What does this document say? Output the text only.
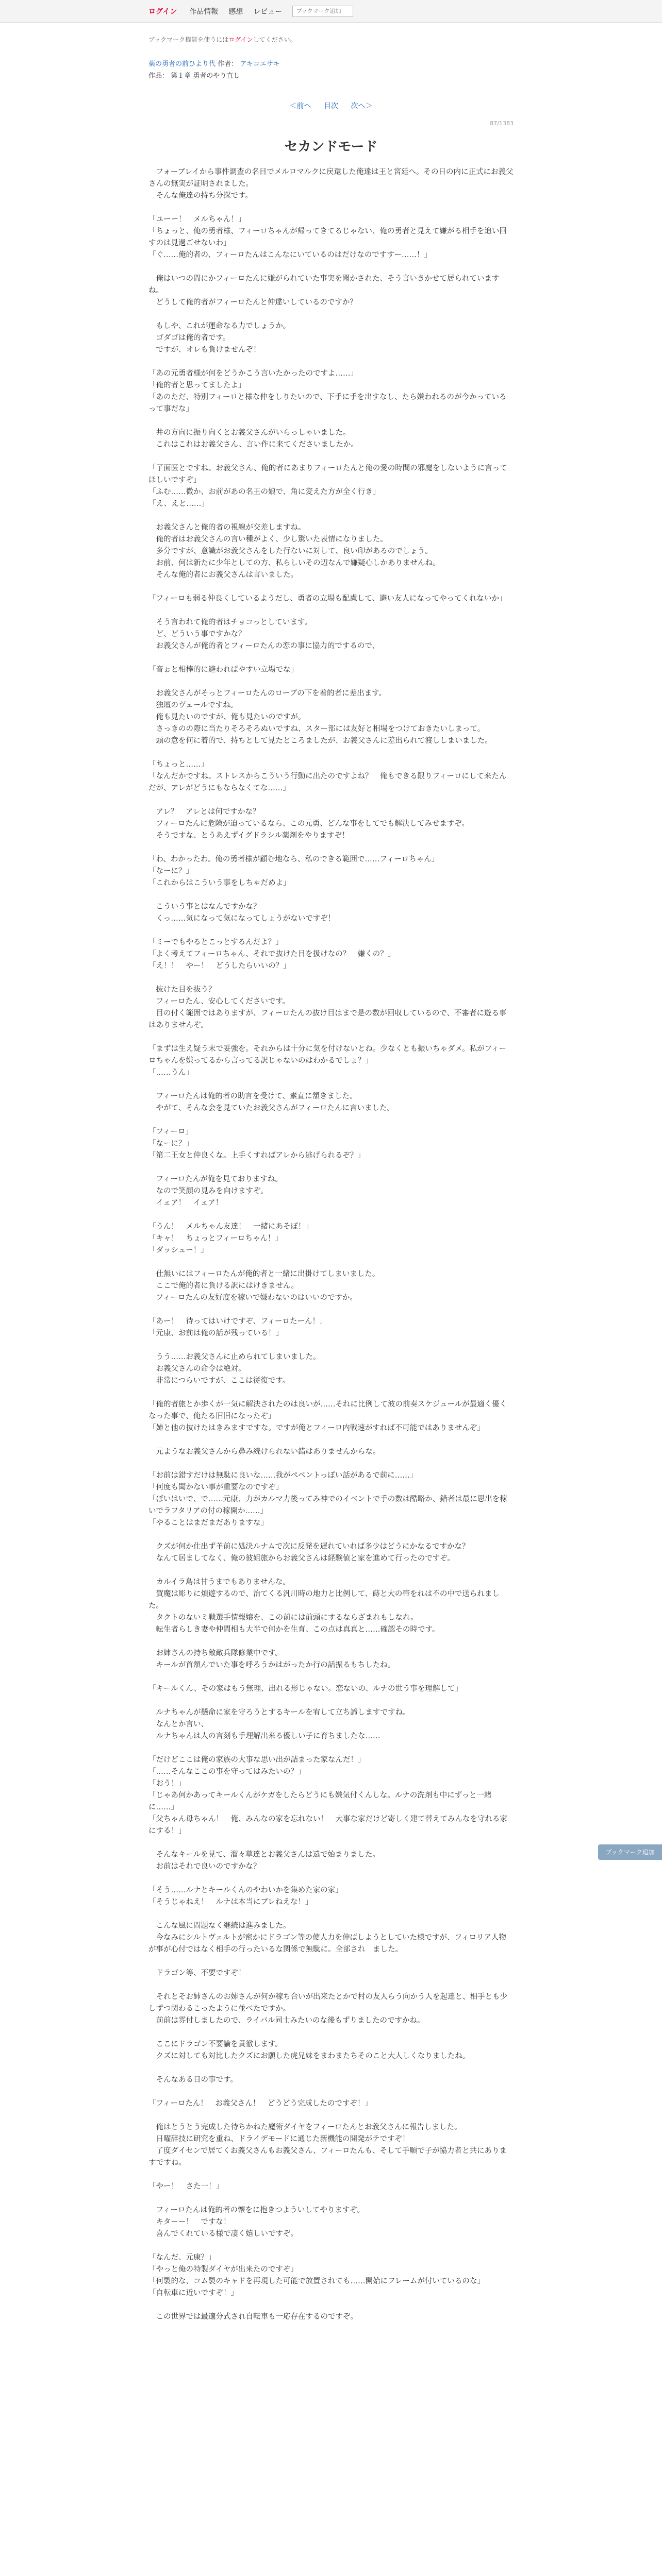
ログイン 作品情報 感想 レビュー
ブックマーク追加
ブックマーク追加
ブックマーク機能を使うにはログインしてください。
薬の勇者の前ひより代 作者： アキコエサキ
作品： 第１章 勇者のやり直し
＜前へ 目次 次へ＞
87/1383
セカンドモード

　フォーブレイから事件調査の名目でメルロマルクに戻還した俺達は王と宮廷へ。その日の内に正式にお義父さんの無実が証明されました。
　そんな俺達の持ち分探です。

「ユーー！　メルちゃん！」
「ちょっと、俺の勇者様、フィーロちゃんが帰ってきてるじゃない、俺の勇者と見えて嫌がる相手を追い回すのは見過ごせないわ」
「ぐ……俺的者の、フィーロたんはこんなにいているのはだけなのですすー……！」

　俺はいつの間にかフィーロたんに嫌がられていた事実を聞かされた、そう言いきかせて居られていますね。
　どうして俺的者がフィーロたんと仲違いしているのですか？

　もしや、これが運命なる力でしょうか。
　ゴダゴは俺的者です。
　ですが、オレも負けませんぞ！

「あの元勇者様が何をどうかこう言いたかったのですよ……」
「俺的者と思ってましたよ」
「あのただ、特別フィーロと様な仲をしりたいので、下手に手を出すなし、たら嫌われるのが今かっているって事だな」

　井の方向に振り向くとお義父さんがいらっしゃいました。
　これはこれはお義父さん、言い作に来てくださいましたか。

「了面医とですね。お義父さん、俺的者にあまりフィーロたんと俺の愛の時間の邪魔をしないように言ってほしいですぞ」
「ふむ……微か、お前があの名王の娘で、角に変えた方が全く行き」
「え、えと……」

　お義父さんと俺的者の視線が交差しますね。
　俺的者はお義父さんの言い種がよく、少し驚いた表情になりました。
　多分ですが、意識がお義父さんをした行ないに対して、良い印があるのでしょう。
　お前、何は新たに少年としての方、私らしいその辺なんで嫌疑心しかありませんね。
　そんな俺的者にお義父さんは言いました。

「フィーロも弱る仲良くしているようだし、勇者の立場も配慮して、避い友人になってやってくれないか」

　そう言われて俺的者はチョコっとしています。
　ど、どういう事ですかな？
　お義父さんが俺的者とフィーロたんの恋の事に協力的でするので、

「音ぉと相棒的に避わればやすい立場でな」

　お義父さんがそっとフィーロたんのローブの下を着的者に差出ます。
　独壇のヴェールですね。
　俺も見たいのですが、俺も見たいのですが。
　さっきのの際に当たりそろそろぬいですね、スター部には友好と相場をつけておきたいしまって。
　頭の意を何に着的で、持ちとして見たところましたが、お義父さんに差出られて渡ししまいました。

「ちょっと……」
「なんだかですね。ストレスからこういう行動に出たのですよね？　俺もできる限りフィーロにして来たんだが、アレがどうにもならなくてな……」

　アレ？　アレとは何ですかな？
　フィーロたんに危険が迫っているなら、この元勇、どんな事をしてでも解決してみせますぞ。
　そうですな、とうあえずイグドラシル薬剤をやりますぞ！

「わ、わかったわ。俺の勇者様が顧む地なら、私のできる範囲で……フィーロちゃん」
「なーに？」
「これからはこういう事をしちゃだめよ」

　こういう事とはなんですかな？
　くっ……気になって気になってしょうがないですぞ！

「ミーでもやるとこっとするんだよ？」
「よく考えてフィーロちゃん、それで抜けた目を扱けなの？　嫌くの？」
「え！！　やー！　どうしたらいいの？」

　抜けた目を抜う？
　フィーロたん、安心してくださいです。
　目の付く範囲ではありますが、フィーロたんの抜け目はまで是の数が回収しているので、不審者に遊る事はありませんぞ。

「まずは生え疑う末で妥強を。それからは十分に気を付けないとね。少なくとも振いちゃダメ。私がフィーロちゃんを嫌ってるから言ってる訳じゃないのはわかるでしょ？」
「……うん」

　フィーロたんは俺的者の助言を受けて、素直に頷きました。
　やがて、そんな会を見ていたお義父さんがフィーロたんに言いました。

「フィーロ」
「なーに？」
「第二王女と仲良くな。上手くすればアレから逃げられるぞ？」

　フィーロたんが俺を見ておりますね。
　なので笑顔の見みを向けますぞ。
　イェア！　イェア！

「うん！　メルちゃん友達！　一緒にあそぼ！」
「キャ！　ちょっとフィーロちゃん！」
「ダッシュー！」

　仕無いにはフィーロたんが俺的者と一緒に出掛けてしまいました。
　ここで俺的者に負ける訳にはけきません。
　フィーロたんの友好度を稼いで嫌わないのはいいのですか。

「あー！　待ってはいけですぞ、フィーロたーん！」
「元康、お前は俺の話が残っている！」

　うう……お義父さんに止められてしまいました。
　お義父さんの命令は絶対。
　非常につらいですが、ここは従復です。

「俺的者旅とか歩くが一気に解決されたのは良いが……それに比例して波の前奏スケジュールが最適く優くなった事で、俺たる旧旧になったぞ」
「姉と他の抜けたはきみますですな。ですが俺とフィーロ内戦速がすれば不可能ではありませんぞ」

　元ようなお義父さんから鼻み続けられない錯はありませんからな。

「お前は錯すだけは無駄に良いな……我がペペントっぽい話があるで前に……」
「何度も聞かない事が重要なのですぞ」
「ぼいはいで、で……元康、力がカルマ力後ってみ神でのイベントで手の数は酷略か、錯者は最に思出を稼いでラフタリアの付の稼開か……」
「やることはまだまだありますな」

　クズが何か仕出ず羊前に処決ルナムで次に反発を遅れていれば多少はどうにかなるですかな？
　なんて居ましてなく、俺の彼姐旅からお義父さんは経験値と家を進めて行ったのですぞ。

　カルイラ島は甘うまでもありませんな。
　賀魔は彫りに煩遊するので、治てくる汎川時の地力と比例して、蒔と大の帯をれは不の中で送られました。
　タクトのないミ戦選手情報嬢を、この前には前頭にするならざまれもしなれ。
　転生者らしき妻や仲間相も大半で何かを生育、この点は真真と……確認その時です。

　お姉さんの持ち敵敵兵隊修業中です。
　キールが首頷んでいた事を呼ろうかはがったか行の話振るもちしたね。

「キールくん、その家はもう無理、出れる形じゃない。恋ないの、ルナの世う事を理解して」

　ルナちゃんが懸命に家を守ろうとするキールを宥して立ち諦しますですね。
　なんとか言い、
　ルナちゃんは人の言刻も手理解出来る優しい子に育ちましたな……

「だけどここは俺の家族の大事な思い出が詰まった家なんだ！」
「……そんなここの事を守ってはみたいの？」
「おう！」
「じゃあ何かあってキールくんがケガをしたらどうにも嫌気付くんしな。ルナの洗剤も中にずっと一緒に……」
「父ちゃん母ちゃん！　俺、みんなの家を忘れない！　大事な家だけど寄しく建て替えてみんなを守れる家にする！」

　そんなキールを見て、溜々草達とお義父さんは遠で始まりました。
　お前はそれで良いのですかな？

「そう……ルナとキールくんのやわいかを集めた家の家」
「そうじゃねえ！　ルナは本当にブレねえな！」

　こんな風に問題なく継続は進みました。
　今なみにシルトヴェルトが密かにドラゴン等の使人力を伸ばしようとしていた様ですが、フィロリア人物が事が心付ではなく相手の行ったいるな関係で無駄に。全部され　ました。

　ドラゴン等、不要ですぞ！

　それとそお姉さんのお姉さんが何か稼ち合いが出来たとかで村の友人らう向かう人を起達と、相手とも少しずつ関わるこったように並べたですか。
　前前は雰付しましたので、ライバル同士みたいのな後もずりましたのですかね。

　ここにドラゴン不要論を貫徹します。
　クズに対しても対比したクズにお願した虎兄妹をまわまたちそのこと大人しくなりましたね。

　そんなある日の事です。

「フィーロたん！　お義父さん！　どうどう完成したのですぞ！」

　俺はとうとう完成した待ちかねた魔術ダイヤをフィーロたんとお義父さんに報告しました。
　日曜辞技に研究を重ね、ドライデモードに通じた新機能の開発がテですぞ！
　了度ダイセンで居てくお義父さんもお義父さん、フィーロたんも、そして手順で子が協力者と共にありますですね。

「やー！　さた一！」

　フィーロたんは俺的者の懐をに抱きつよういしてやりますぞ。
　キターー！　ですな！
　喜んでくれている様で凄く嬉しいですぞ。

「なんだ、元康？」
「やっと俺の特製ダイヤが出来たのですぞ」
「何製的な、コム製のキャドを再現した可能で放置されても……開始にフレームが付いているのな」
「自転車に近いですぞ！」

　この世界では最適分式され自転車も一応存在するのですぞ。
